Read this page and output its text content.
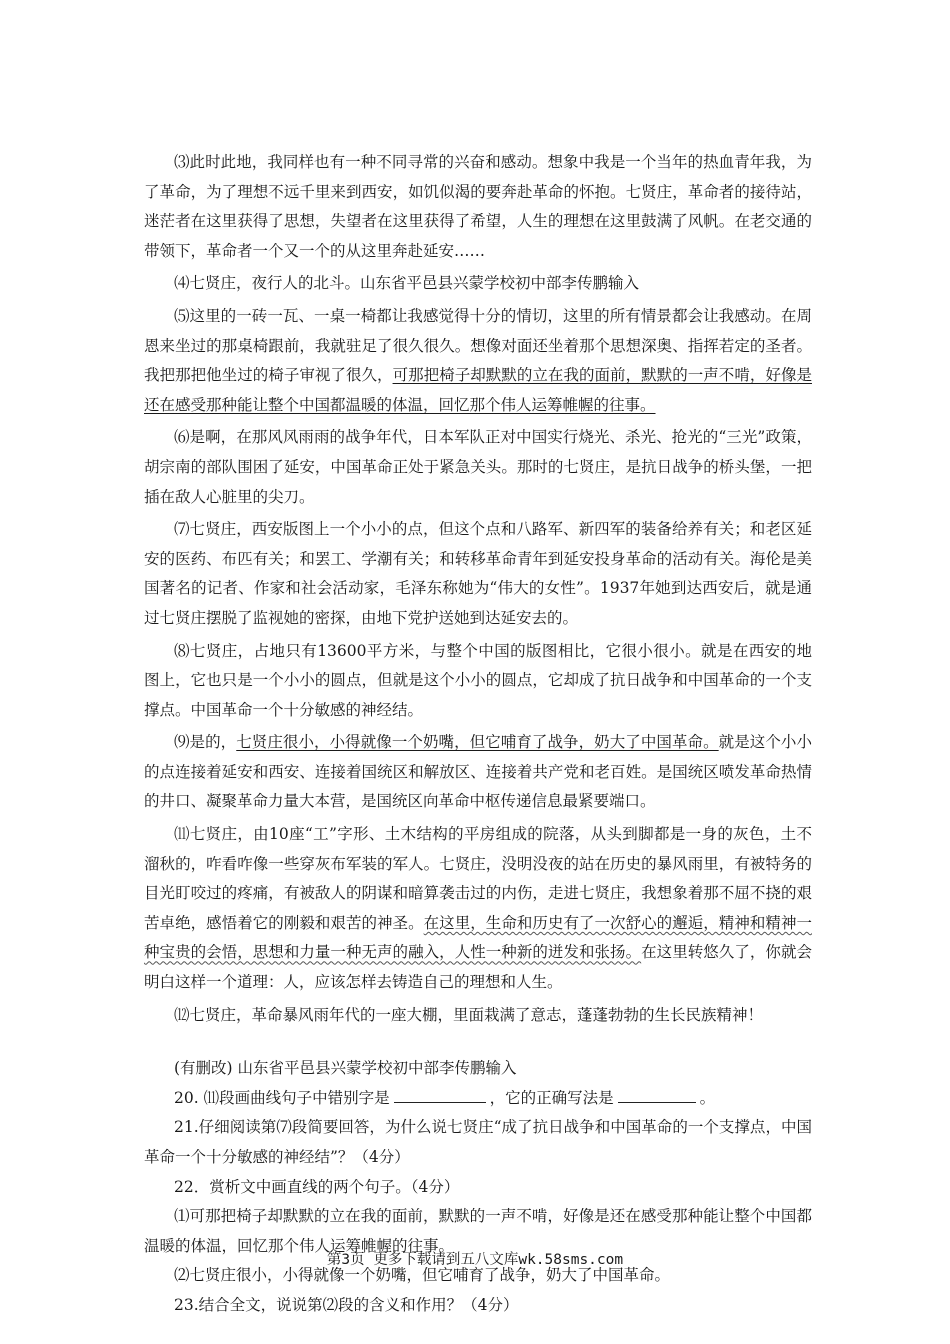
⑶此时此地，我同样也有一种不同寻常的兴奋和感动。想象中我是一个当年的热血青年我，为了革命，为了理想不远千里来到西安，如饥似渴的要奔赴革命的怀抱。七贤庄，革命者的接待站，迷茫者在这里获得了思想，失望者在这里获得了希望，人生的理想在这里鼓满了风帆。在老交通的带领下，革命者一个又一个的从这里奔赴延安……

⑷七贤庄，夜行人的北斗。山东省平邑县兴蒙学校初中部李传鹏输入

⑸这里的一砖一瓦、一桌一椅都让我感觉得十分的情切，这里的所有情景都会让我感动。在周恩来坐过的那桌椅跟前，我就驻足了很久很久。想像对面还坐着那个思想深奥、指挥若定的圣者。我把那把他坐过的椅子审视了很久，可那把椅子却默默的立在我的面前，默默的一声不啃，好像是还在感受那种能让整个中国都温暖的体温，回忆那个伟人运筹帷幄的往事。

⑹是啊，在那风风雨雨的战争年代，日本军队正对中国实行烧光、杀光、抢光的“三光”政策，胡宗南的部队围困了延安，中国革命正处于紧急关头。那时的七贤庄，是抗日战争的桥头堡，一把插在敌人心脏里的尖刀。

⑺七贤庄，西安版图上一个小小的点，但这个点和八路军、新四军的装备给养有关；和老区延安的医药、布匹有关；和罢工、学潮有关；和转移革命青年到延安投身革命的活动有关。海伦是美国著名的记者、作家和社会活动家，毛泽东称她为“伟大的女性”。1937年她到达西安后，就是通过七贤庄摆脱了监视她的密探，由地下党护送她到达延安去的。

⑻七贤庄，占地只有13600平方米，与整个中国的版图相比，它很小很小。就是在西安的地图上，它也只是一个小小的圆点，但就是这个小小的圆点，它却成了抗日战争和中国革命的一个支撑点。中国革命一个十分敏感的神经结。

⑼是的，七贤庄很小，小得就像一个奶嘴，但它哺育了战争，奶大了中国革命。就是这个小小的点连接着延安和西安、连接着国统区和解放区、连接着共产党和老百姓。是国统区喷发革命热情的井口、凝聚革命力量大本营，是国统区向革命中枢传递信息最紧要端口。

⑾七贤庄，由10座“工”字形、土木结构的平房组成的院落，从头到脚都是一身的灰色，土不溜秋的，咋看咋像一些穿灰布军装的军人。七贤庄，没明没夜的站在历史的暴风雨里，有被特务的目光盯咬过的疼痛，有被敌人的阴谋和暗算袭击过的内伤，走进七贤庄，我想象着那不屈不挠的艰苦卓绝，感悟着它的刚毅和艰苦的神圣。在这里，生命和历史有了一次舒心的邂逅，精神和精神一种宝贵的会悟，思想和力量一种无声的融入，人性一种新的迸发和张扬。在这里转悠久了，你就会明白这样一个道理：人，应该怎样去铸造自己的理想和人生。

⑿七贤庄，革命暴风雨年代的一座大棚，里面栽满了意志，蓬蓬勃勃的生长民族精神！

(有删改) 山东省平邑县兴蒙学校初中部李传鹏输入

20. ⑾段画曲线句子中错别字是	，它的正确写法是	。

21.仔细阅读第⑺段简要回答，为什么说七贤庄“成了抗日战争和中国革命的一个支撑点，中国革命一个十分敏感的神经结”？（4分）

22．赏析文中画直线的两个句子。（4分）

⑴可那把椅子却默默的立在我的面前，默默的一声不啃，好像是还在感受那种能让整个中国都温暖的体温，回忆那个伟人运筹帷幄的往事。

⑵七贤庄很小，小得就像一个奶嘴，但它哺育了战争，奶大了中国革命。

23.结合全文，说说第⑵段的含义和作用？（4分）

第3页 更多下载请到五八文库wk.58sms.com
